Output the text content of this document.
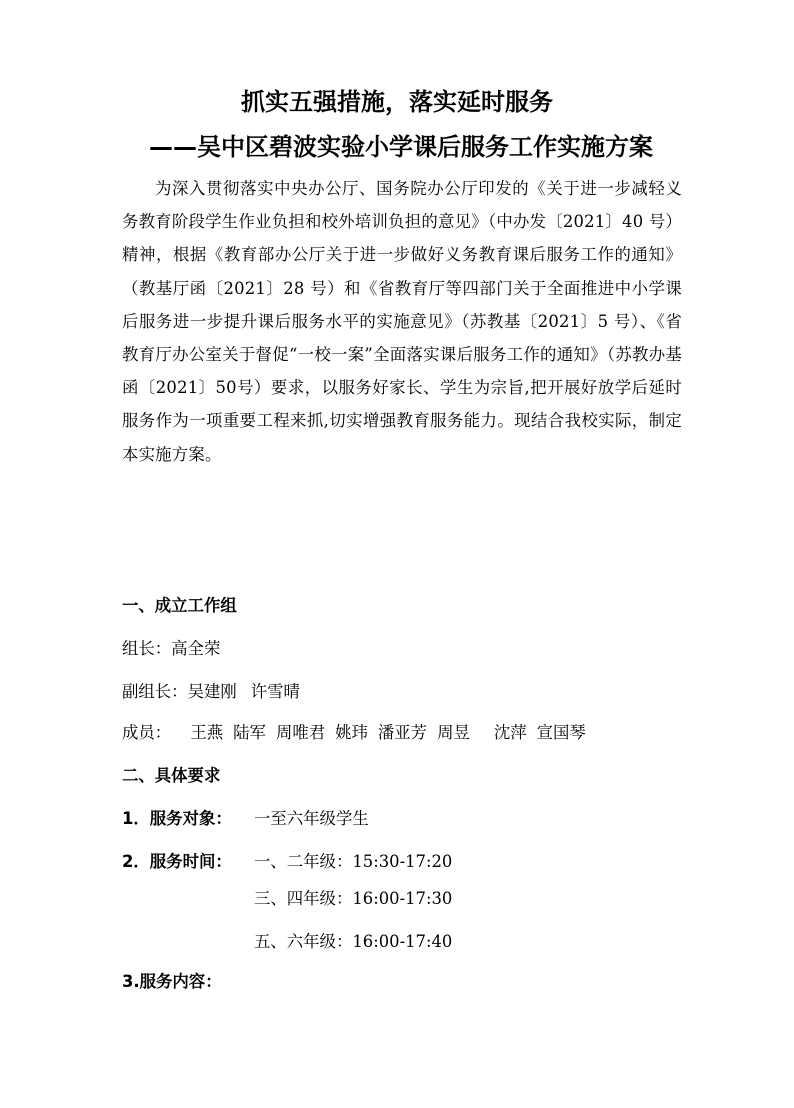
抓实五强措施，落实延时服务
——吴中区碧波实验小学课后服务工作实施方案
为深入贯彻落实中央办公厅、国务院办公厅印发的《关于进一步减轻义务教育阶段学生作业负担和校外培训负担的意见》（中办发〔2021〕40 号）精神，根据《教育部办公厅关于进一步做好义务教育课后服务工作的通知》（教基厅函〔2021〕28 号）和《省教育厅等四部门关于全面推进中小学课后服务进一步提升课后服务水平的实施意见》（苏教基〔2021〕5 号）、《省教育厅办公室关于督促“一校一案”全面落实课后服务工作的通知》（苏教办基函〔2021〕50号）要求，以服务好家长、学生为宗旨,把开展好放学后延时服务作为一项重要工程来抓,切实增强教育服务能力。现结合我校实际，制定本实施方案。
一、成立工作组
组长：高全荣
副组长：吴建刚 许雪晴
成员： 王燕 陆军 周唯君 姚玮 潘亚芳 周昱 沈萍 宣国琴
二、具体要求
1．服务对象： 一至六年级学生
2．服务时间： 一、二年级：15:30-17:20
三、四年级：16:00-17:30
五、六年级：16:00-17:40
3.服务内容：
